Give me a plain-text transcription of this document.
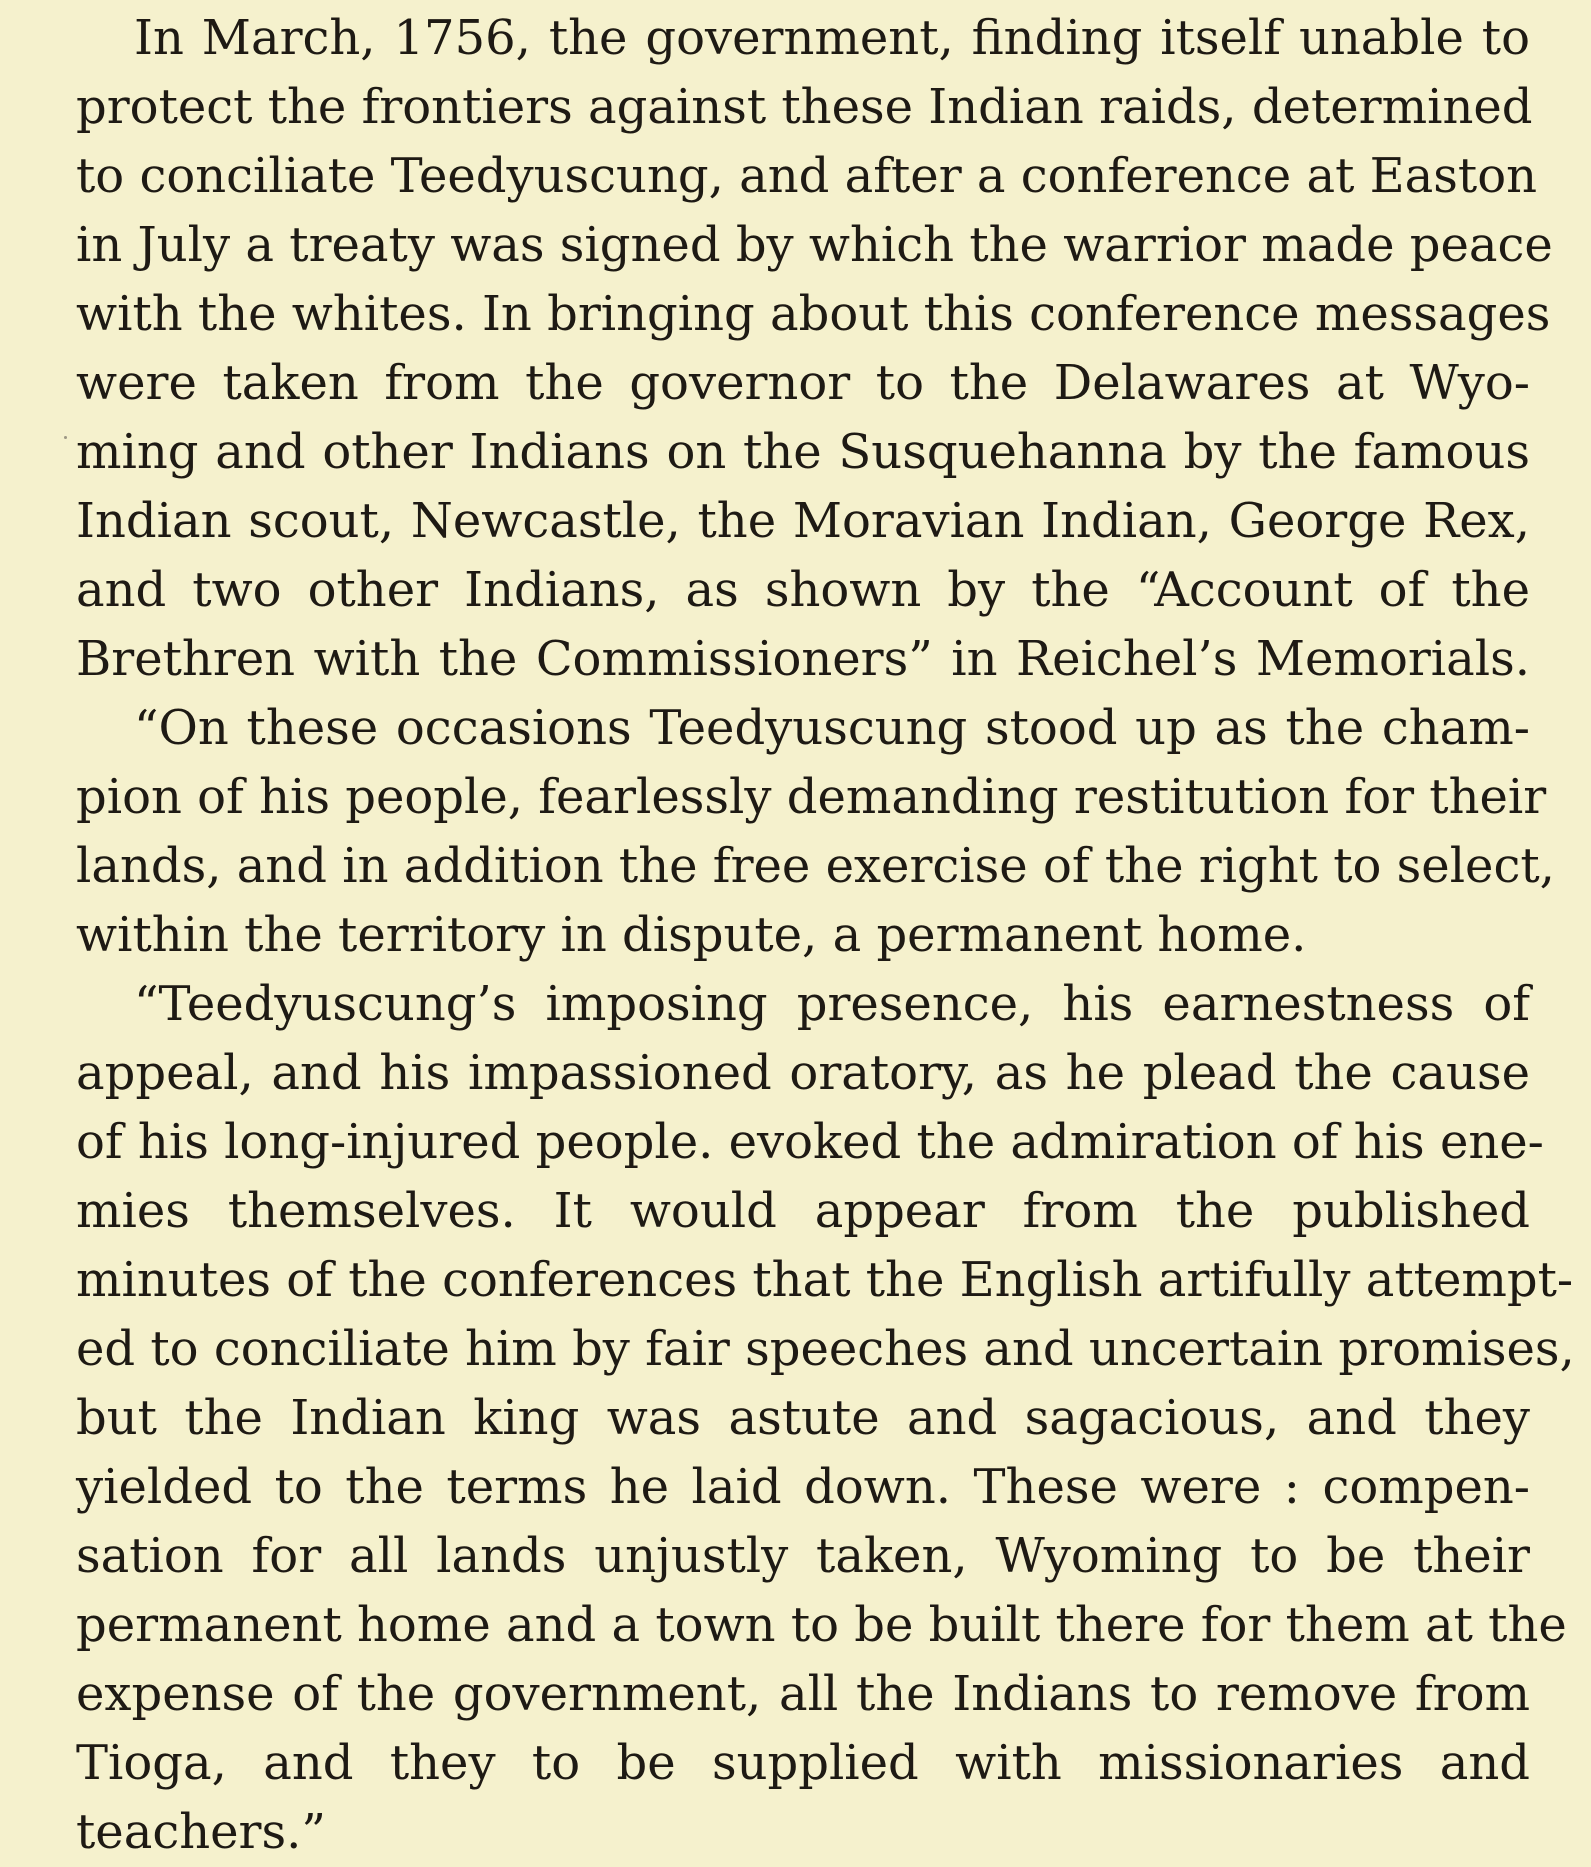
In March, 1756, the government, finding itself unable to
protect the frontiers against these Indian raids, determined
to conciliate Teedyuscung, and after a conference at Easton
in July a treaty was signed by which the warrior made peace
with the whites. In bringing about this conference messages
were taken from the governor to the Delawares at Wyo-
ming and other Indians on the Susquehanna by the famous
Indian scout, Newcastle, the Moravian Indian, George Rex,
and two other Indians, as shown by the “Account of the
Brethren with the Commissioners” in Reichel’s Memorials.
“On these occasions Teedyuscung stood up as the cham-
pion of his people, fearlessly demanding restitution for their
lands, and in addition the free exercise of the right to select,
within the territory in dispute, a permanent home.
“Teedyuscung’s imposing presence, his earnestness of
appeal, and his impassioned oratory, as he plead the cause
of his long-injured people. evoked the admiration of his ene-
mies themselves. It would appear from the published
minutes of the conferences that the English artifully attempt-
ed to conciliate him by fair speeches and uncertain promises,
but the Indian king was astute and sagacious, and they
yielded to the terms he laid down. These were : compen-
sation for all lands unjustly taken, Wyoming to be their
permanent home and a town to be built there for them at the
expense of the government, all the Indians to remove from
Tioga, and they to be supplied with missionaries and
teachers.”
